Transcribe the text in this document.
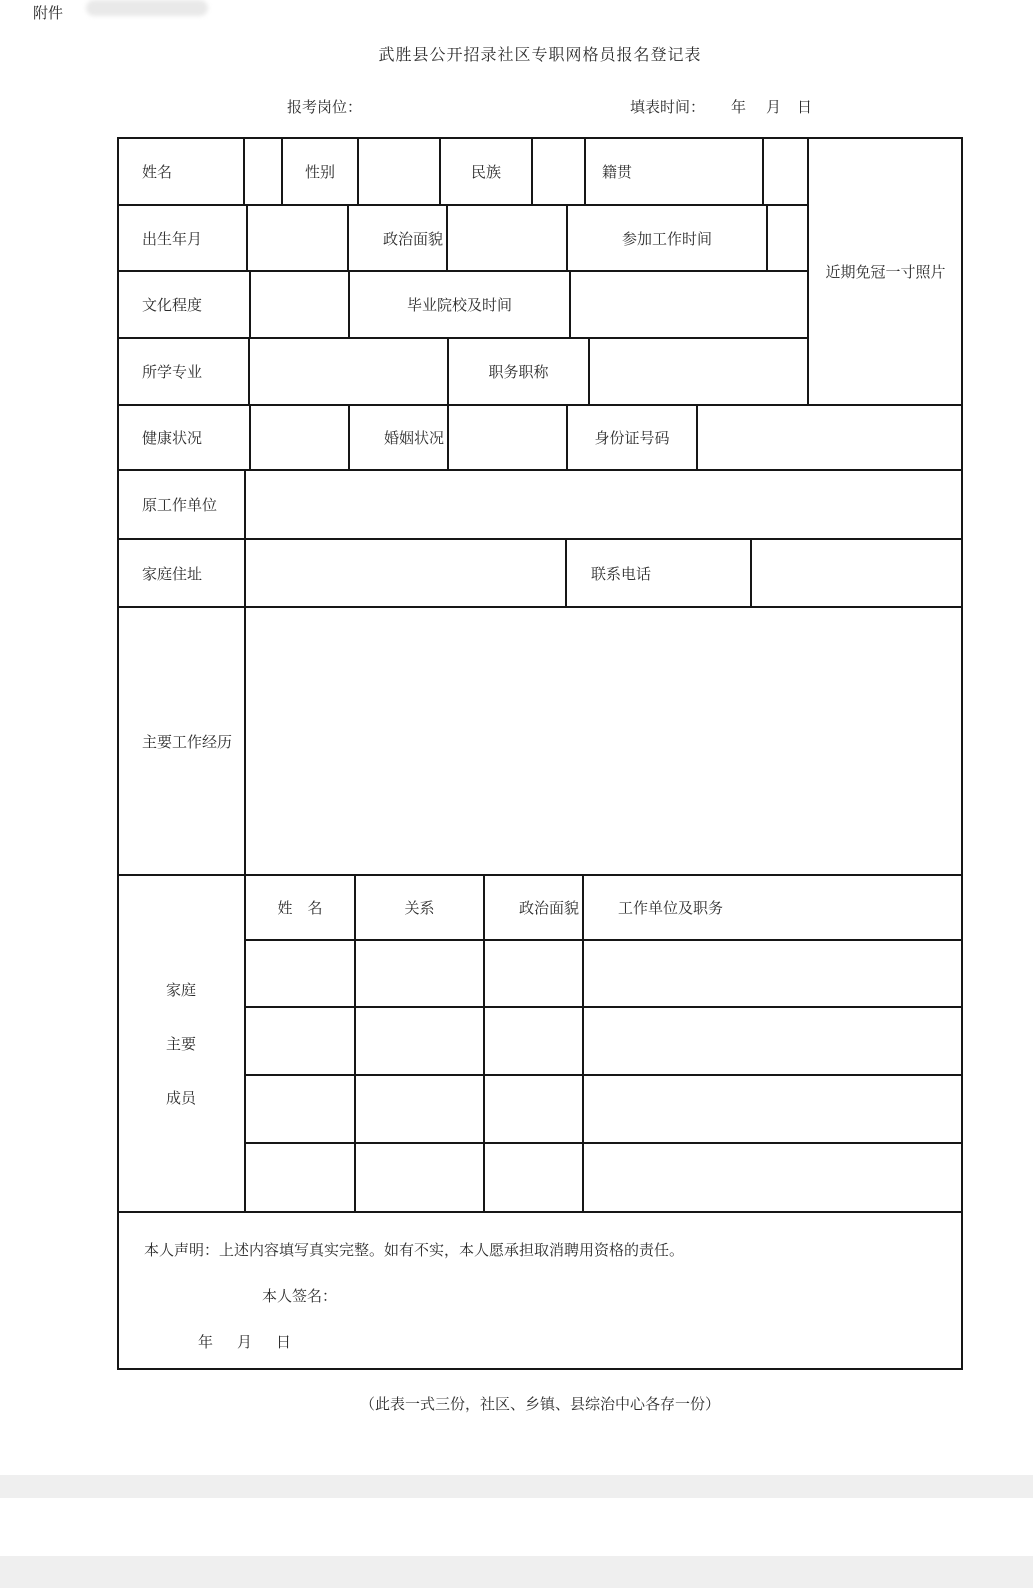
附件
武胜县公开招录社区专职网格员报名登记表
报考岗位：	填表时间： 年 月 日
姓名	性别	民族	籍贯
近期免冠一寸照片
出生年月	政治面貌	参加工作时间
文化程度	毕业院校及时间
所学专业	职务职称
健康状况	婚姻状况	身份证号码
原工作单位
家庭住址	联系电话
主要工作经历
家庭
主要
成员
姓　名	关系	政治面貌	工作单位及职务
本人声明：上述内容填写真实完整。如有不实，本人愿承担取消聘用资格的责任。
本人签名：
年 月 日
（此表一式三份，社区、乡镇、县综治中心各存一份）
